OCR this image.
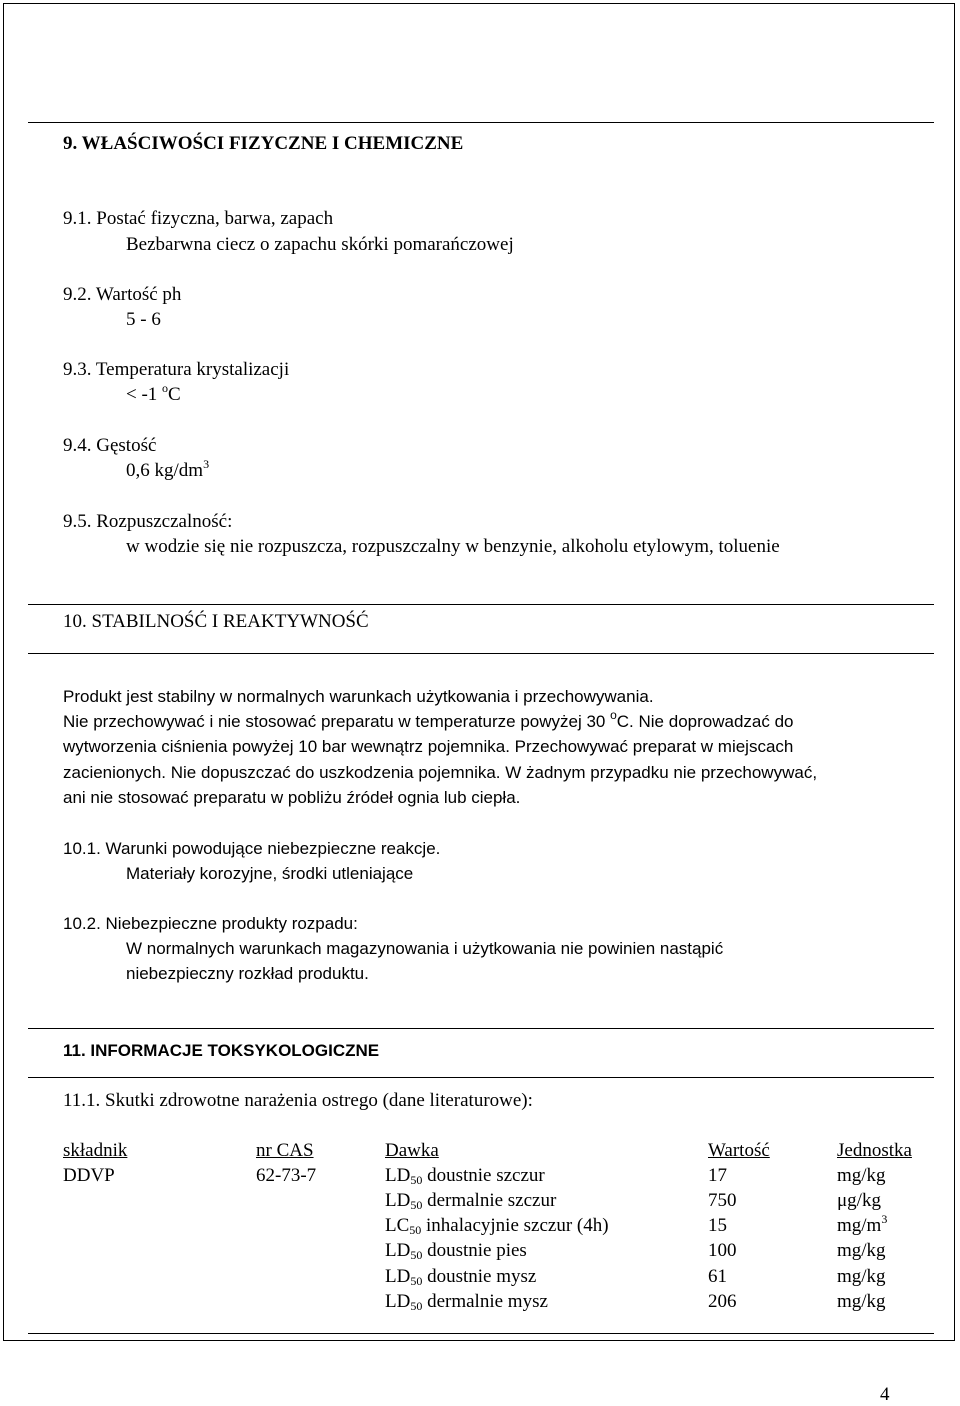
9. WŁAŚCIWOŚCI FIZYCZNE I CHEMICZNE
9.1. Postać fizyczna, barwa, zapach
Bezbarwna ciecz o zapachu skórki pomarańczowej
9.2. Wartość ph
5 - 6
9.3. Temperatura krystalizacji
< -1 $^o$C
9.4. Gęstość
0,6 $kg/dm^3$
9.5. Rozpuszczalność:
w wodzie się nie rozpuszcza, rozpuszczalny w benzynie, alkoholu etylowym, toluenie
10. STABILNOŚĆ I REAKTYWNOŚĆ
Produkt jest stabilny w normalnych warunkach użytkowania i przechowywania.
Nie przechowywać i nie stosować preparatu w temperaturze powyżej 30 $^o$C. Nie doprowadzać do
wytworzenia ciśnienia powyżej 10 bar wewnątrz pojemnika. Przechowywać preparat w miejscach
zacienionych. Nie dopuszczać do uszkodzenia pojemnika. W żadnym przypadku nie przechowywać,
ani nie stosować preparatu w pobliżu źródeł ognia lub ciepła.
10.1. Warunki powodujące niebezpieczne reakcje.
Materiały korozyjne, środki utleniające
10.2. Niebezpieczne produkty rozpadu:
W normalnych warunkach magazynowania i użytkowania nie powinien nastąpić
niebezpieczny rozkład produktu.
11. INFORMACJE TOKSYKOLOGICZNE
11.1. Skutki zdrowotne narażenia ostrego (dane literaturowe):
składnik	nr CAS	Dawka	Wartość	Jednostka
DDVP	62-73-7	$LD_{50}$ doustnie szczur	17	mg/kg
$LD_{50}$ dermalnie szczur	750	μg/kg
$LC_{50}$ inhalacyjnie szczur (4h)	15	$mg/m^3$
$LD_{50}$ doustnie pies	100	mg/kg
$LD_{50}$ doustnie mysz	61	mg/kg
$LD_{50}$ dermalnie mysz	206	mg/kg
4
